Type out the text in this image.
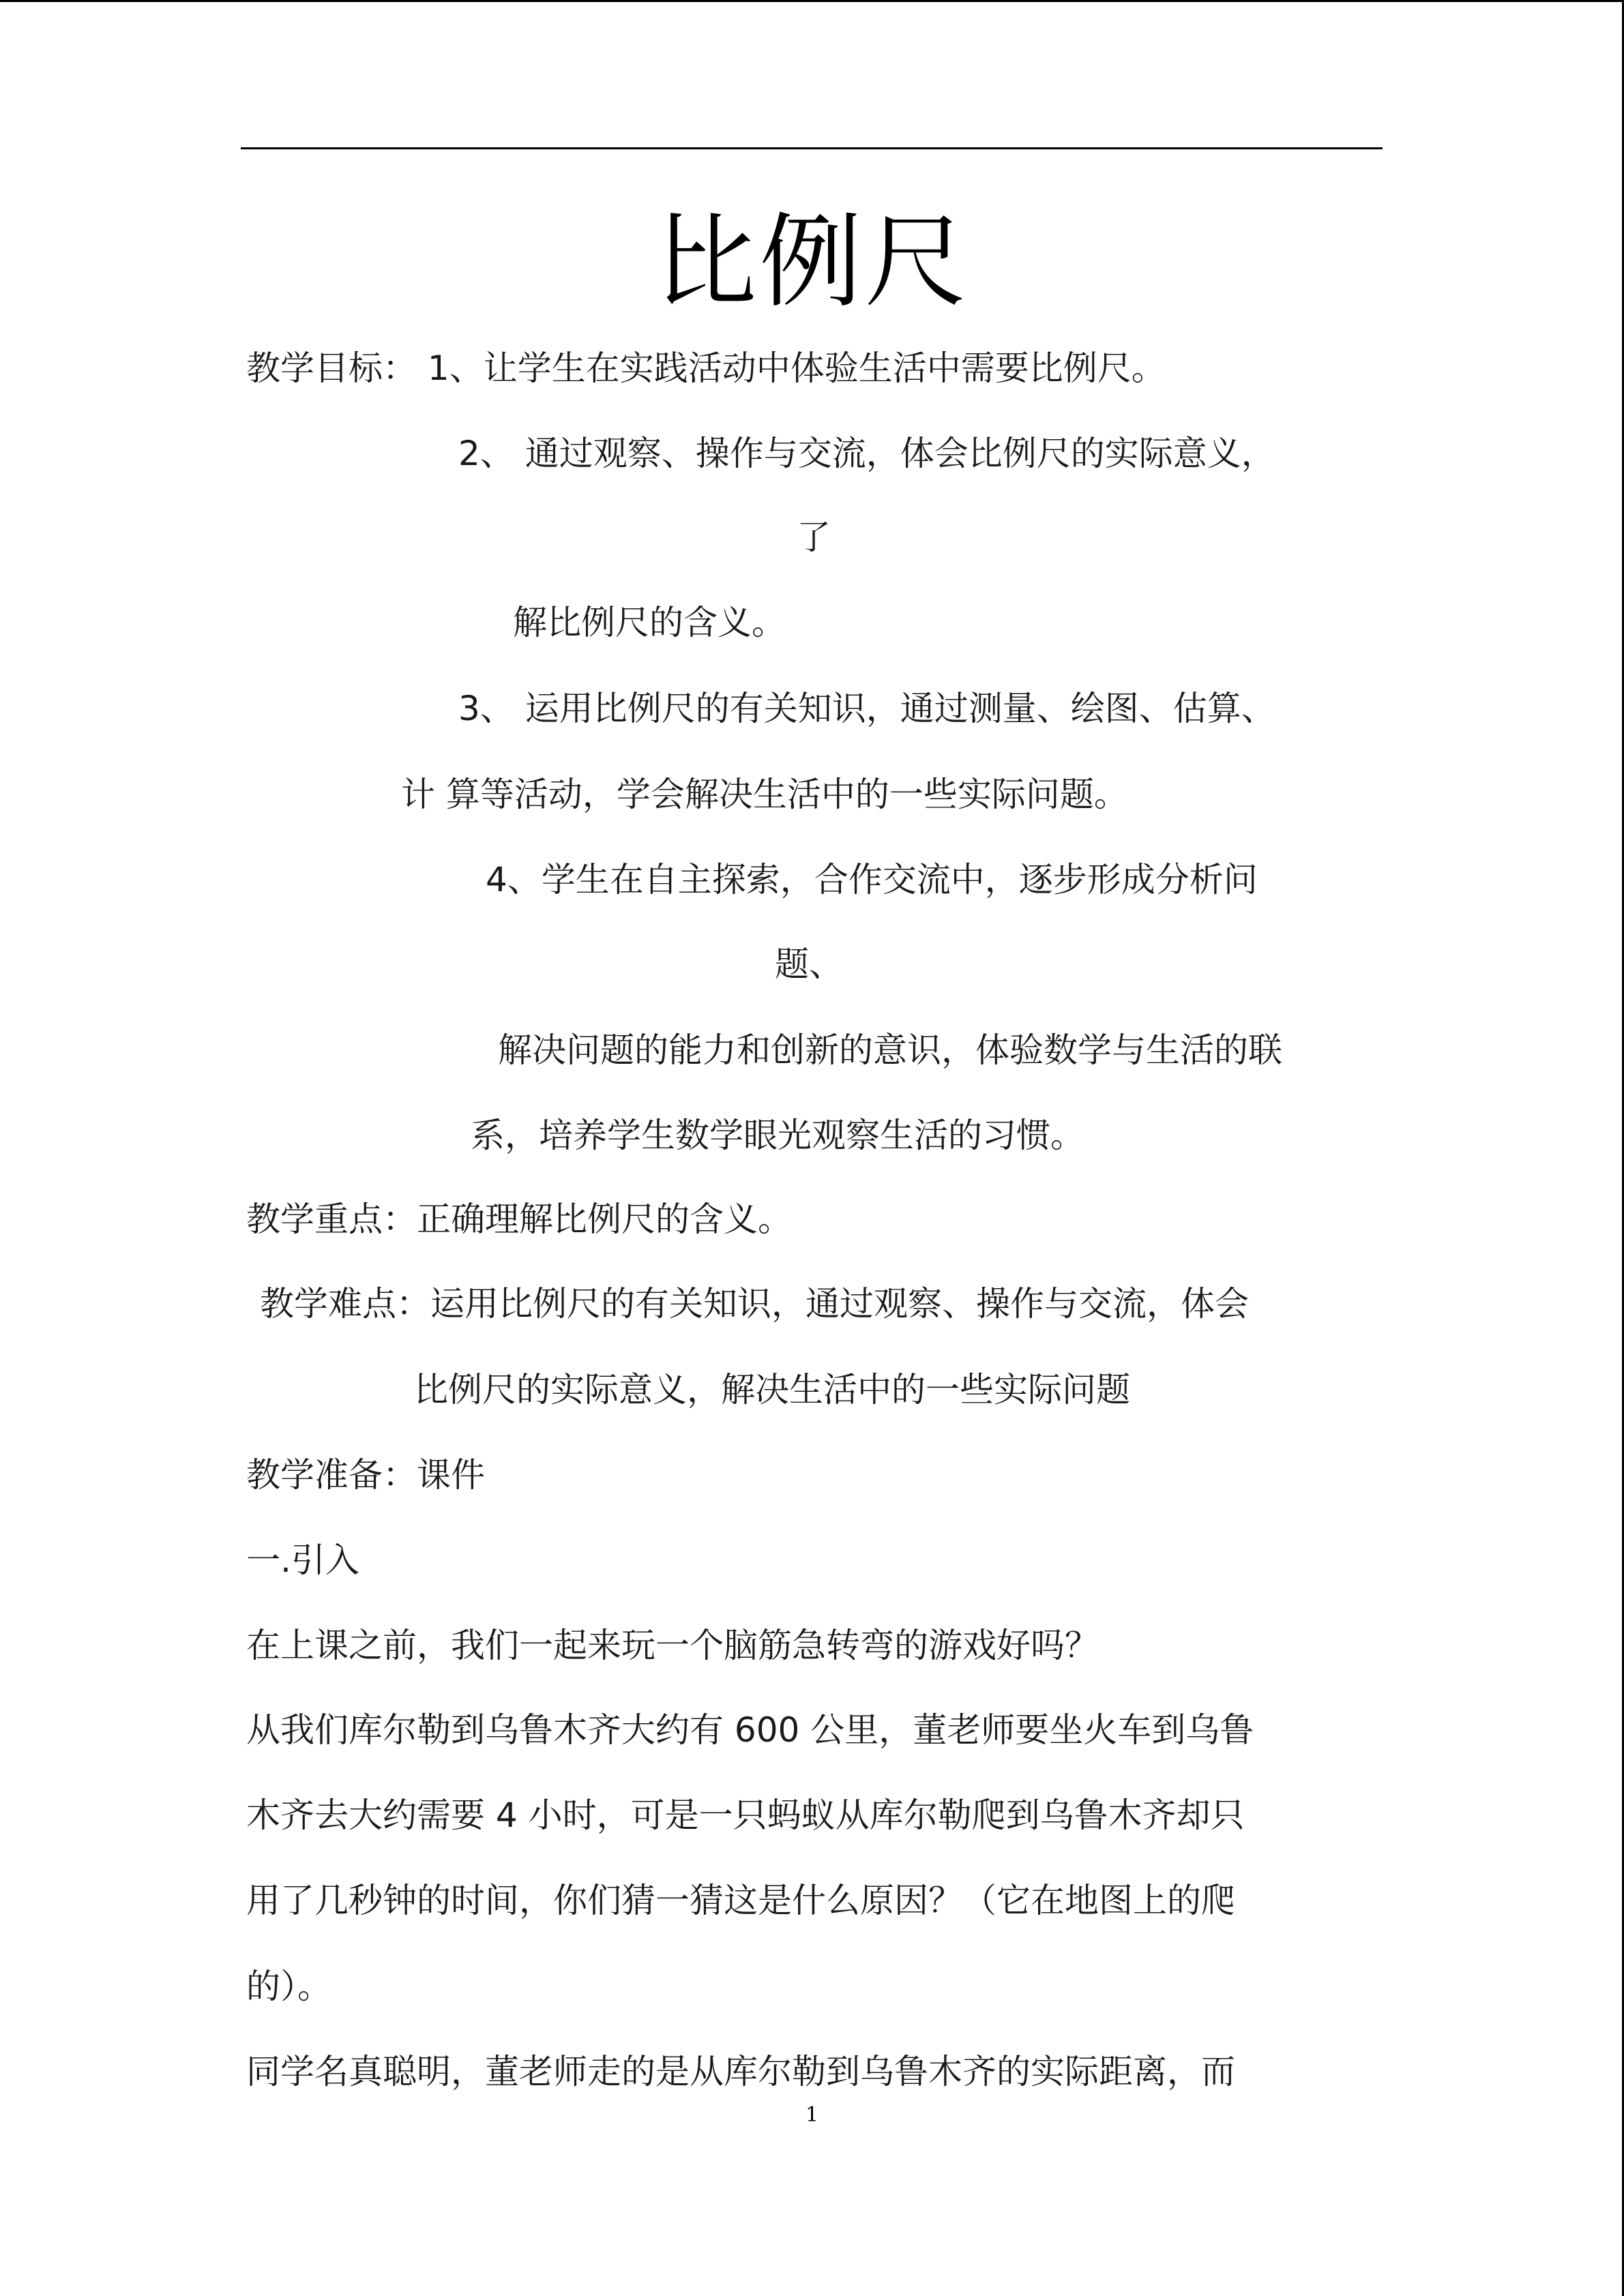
比例尺
教学目标： 1、让学生在实践活动中体验生活中需要比例尺。
2、 通过观察、操作与交流，体会比例尺的实际意义，
了
解比例尺的含义。
3、 运用比例尺的有关知识，通过测量、绘图、估算、
计 算等活动，学会解决生活中的一些实际问题。
4、学生在自主探索，合作交流中，逐步形成分析问
题、
解决问题的能力和创新的意识，体验数学与生活的联
系，培养学生数学眼光观察生活的习惯。
教学重点：正确理解比例尺的含义。
教学难点：运用比例尺的有关知识，通过观察、操作与交流，体会
比例尺的实际意义，解决生活中的一些实际问题
教学准备：课件
一.引入
在上课之前，我们一起来玩一个脑筋急转弯的游戏好吗？
从我们库尔勒到乌鲁木齐大约有 600 公里，董老师要坐火车到乌鲁
木齐去大约需要 4 小时，可是一只蚂蚁从库尔勒爬到乌鲁木齐却只
用了几秒钟的时间，你们猜一猜这是什么原因？（它在地图上的爬
的）。
同学名真聪明，董老师走的是从库尔勒到乌鲁木齐的实际距离，而
1
